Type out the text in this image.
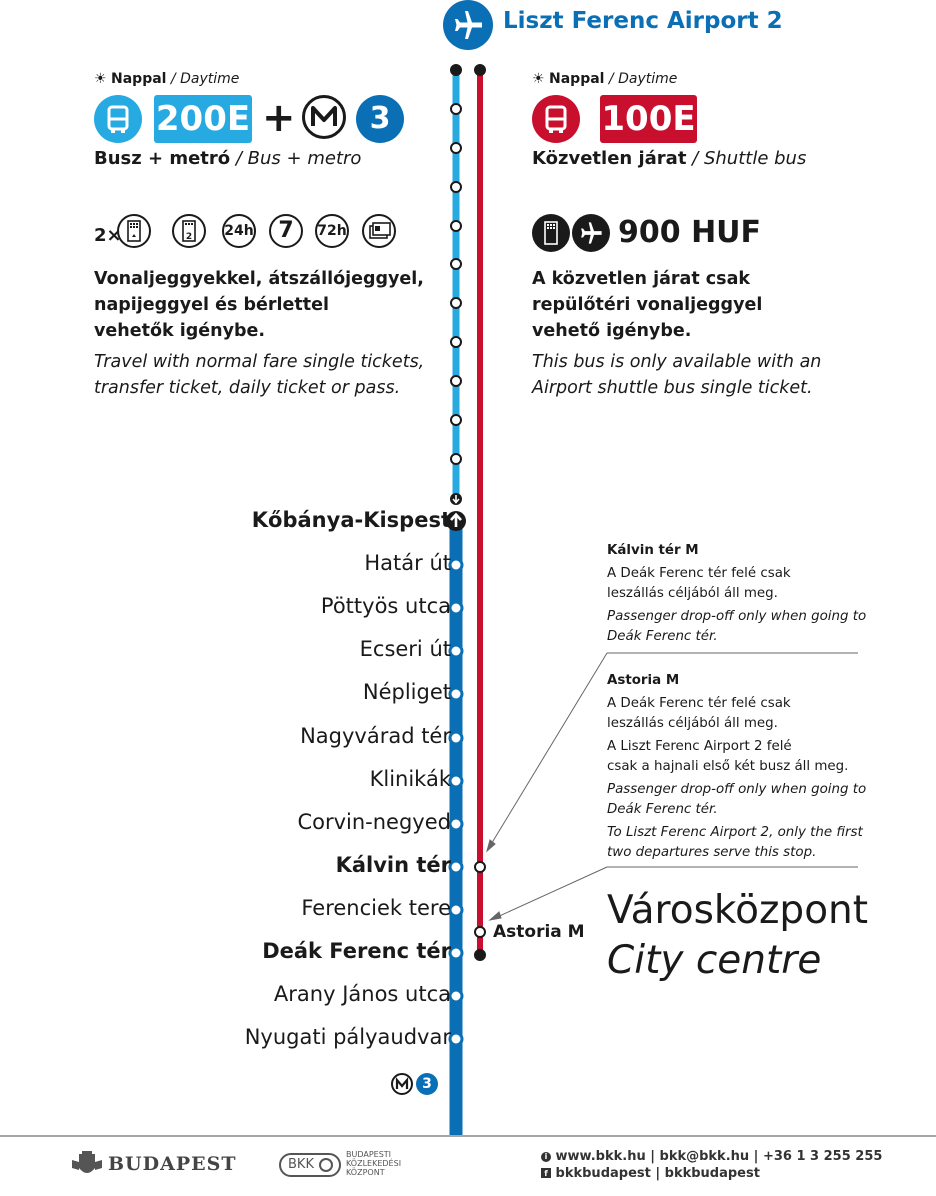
Liszt Ferenc Airport 2
☀ Nappal / Daytime
200E +	3
Busz + metró / Bus + metro
2×	2 24h	7	72h
Vonaljeggyekkel, átszállójeggyel,
napijeggyel és bérlettel
vehetők igénybe.
Travel with normal fare single tickets,
transfer ticket, daily ticket or pass.
☀ Nappal / Daytime
100E
Közvetlen járat / Shuttle bus
900 HUF
A közvetlen járat csak
repülőtéri vonaljeggyel
vehető igénybe.
This bus is only available with an
Airport shuttle bus single ticket.
Kőbánya-Kispest
Határ út
Pöttyös utca
Ecseri út
Népliget
Nagyvárad tér
Klinikák
Corvin-negyed
Kálvin tér
Ferenciek tere
Deák Ferenc tér
Arany János utca
Nyugati pályaudvar
3
Astoria M
Kálvin tér M
A Deák Ferenc tér felé csak
leszállás céljából áll meg.
Passenger drop-off only when going to
Deák Ferenc tér.
Astoria M
A Deák Ferenc tér felé csak
leszállás céljából áll meg.
A Liszt Ferenc Airport 2 felé
csak a hajnali első két busz áll meg.
Passenger drop-off only when going to
Deák Ferenc tér.
To Liszt Ferenc Airport 2, only the first
two departures serve this stop.
Városközpont
City centre
BUDAPEST	BKK
BUDAPESTI
KÖZLEKEDÉSI
KÖZPONT
i www.bkk.hu | bkk@bkk.hu | +36 1 3 255 255
f bkkbudapest | bkkbudapest
